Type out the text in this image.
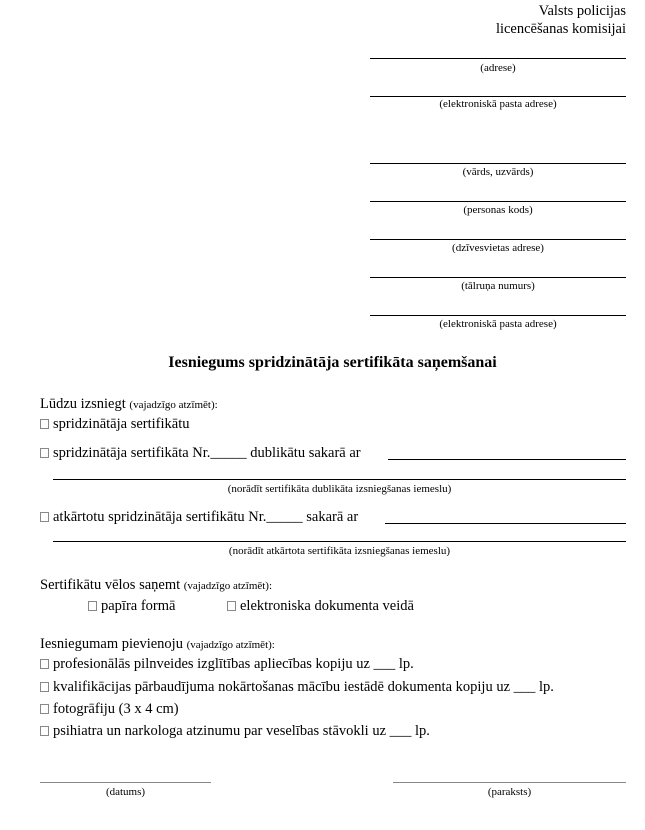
Valsts policijas
licencēšanas komisijai
(adrese)
(elektroniskā pasta adrese)
(vārds, uzvārds)
(personas kods)
(dzīvesvietas adrese)
(tālruņa numurs)
(elektroniskā pasta adrese)
Iesniegums spridzinātāja sertifikāta saņemšanai
Lūdzu izsniegt (vajadzīgo atzīmēt):
spridzinātāja sertifikātu
spridzinātāja sertifikāta Nr._____ dublikātu sakarā ar
(norādīt sertifikāta dublikāta izsniegšanas iemeslu)
atkārtotu spridzinātāja sertifikātu Nr._____ sakarā ar
(norādīt atkārtota sertifikāta izsniegšanas iemeslu)
Sertifikātu vēlos saņemt (vajadzīgo atzīmēt):
papīra formā	elektroniska dokumenta veidā
Iesniegumam pievienoju (vajadzīgo atzīmēt):
profesionālās pilnveides izglītības apliecības kopiju uz ___ lp.
kvalifikācijas pārbaudījuma nokārtošanas mācību iestādē dokumenta kopiju uz ___ lp.
fotogrāfiju (3 x 4 cm)
psihiatra un narkologa atzinumu par veselības stāvokli uz ___ lp.
(datums)	(paraksts)
